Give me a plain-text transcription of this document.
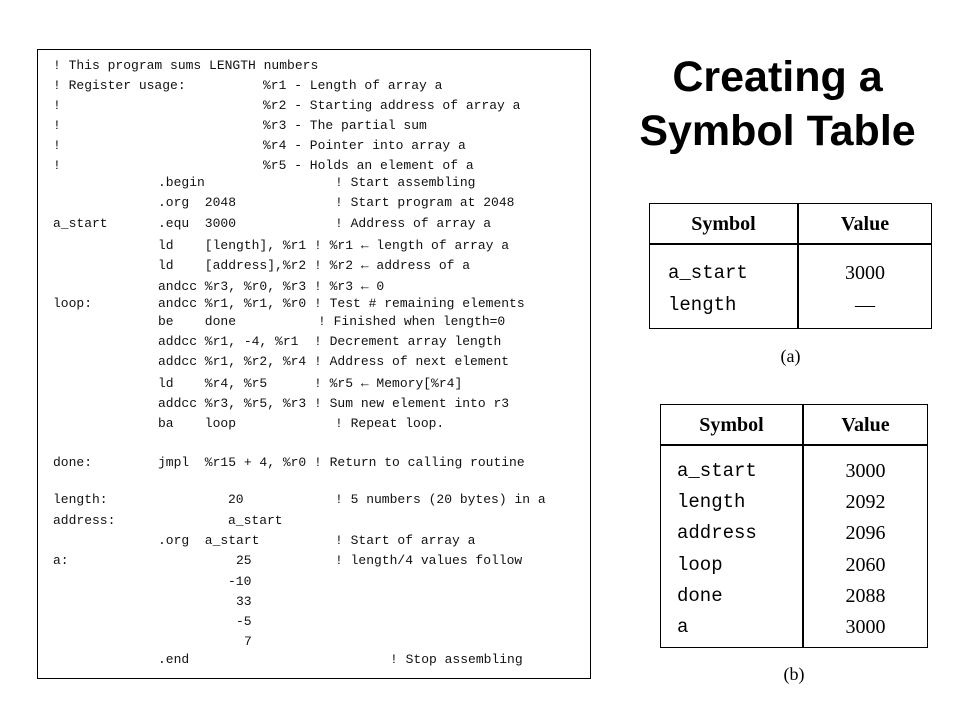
! This program sums LENGTH numbers
! Register usage:	%r1 - Length of array a
!	%r2 - Starting address of array a
!	%r3 - The partial sum
!	%r4 - Pointer into array a
!	%r5 - Holds an element of a
.begin	! Start assembling
.org  2048	! Start program at 2048
a_start	.equ  3000	! Address of array a
ld    [length], %r1 ! %r1 ← length of array a
ld    [address],%r2 ! %r2 ← address of a
andcc %r3, %r0, %r3 ! %r3 ← 0
loop:	andcc %r1, %r1, %r0 ! Test # remaining elements
be    done	! Finished when length=0
addcc %r1, -4, %r1  ! Decrement array length
addcc %r1, %r2, %r4 ! Address of next element
ld    %r4, %r5      ! %r5 ← Memory[%r4]
addcc %r3, %r5, %r3 ! Sum new element into r3
ba    loop	! Repeat loop.
done:	jmpl  %r15 + 4, %r0 ! Return to calling routine
length:	20	! 5 numbers (20 bytes) in a
address:	a_start
.org  a_start	! Start of array a
a:	25	! length/4 values follow
-10
33
-5
7
.end	! Stop assembling
Creating a
Symbol Table
Symbol	Value
a_start	3000
length	—
(a)
Symbol	Value
a_start	3000
length	2092
address	2096
loop	2060
done	2088
a	3000
(b)
